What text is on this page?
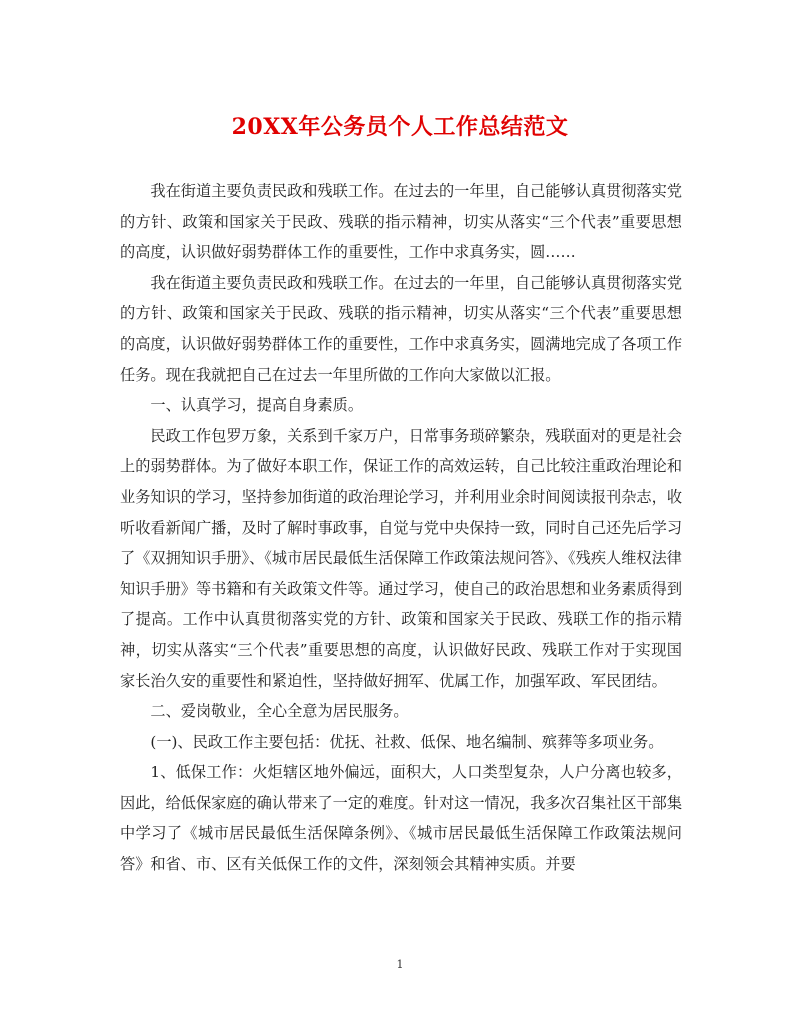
20XX年公务员个人工作总结范文

我在街道主要负责民政和残联工作。在过去的一年里，自己能够认真贯彻落实党的方针、政策和国家关于民政、残联的指示精神，切实从落实“三个代表”重要思想的高度，认识做好弱势群体工作的重要性，工作中求真务实，圆……

我在街道主要负责民政和残联工作。在过去的一年里，自己能够认真贯彻落实党的方针、政策和国家关于民政、残联的指示精神，切实从落实“三个代表”重要思想的高度，认识做好弱势群体工作的重要性，工作中求真务实，圆满地完成了各项工作任务。现在我就把自己在过去一年里所做的工作向大家做以汇报。

一、认真学习，提高自身素质。

民政工作包罗万象，关系到千家万户，日常事务琐碎繁杂，残联面对的更是社会上的弱势群体。为了做好本职工作，保证工作的高效运转，自己比较注重政治理论和业务知识的学习，坚持参加街道的政治理论学习，并利用业余时间阅读报刊杂志，收听收看新闻广播，及时了解时事政事，自觉与党中央保持一致，同时自己还先后学习了《双拥知识手册》、《城市居民最低生活保障工作政策法规问答》、《残疾人维权法律知识手册》等书籍和有关政策文件等。通过学习，使自己的政治思想和业务素质得到了提高。工作中认真贯彻落实党的方针、政策和国家关于民政、残联工作的指示精神，切实从落实“三个代表”重要思想的高度，认识做好民政、残联工作对于实现国家长治久安的重要性和紧迫性，坚持做好拥军、优属工作，加强军政、军民团结。

二、爱岗敬业，全心全意为居民服务。

(一)、民政工作主要包括：优抚、社救、低保、地名编制、殡葬等多项业务。

1、低保工作：火炬辖区地外偏远，面积大，人口类型复杂，人户分离也较多，因此，给低保家庭的确认带来了一定的难度。针对这一情况，我多次召集社区干部集中学习了《城市居民最低生活保障条例》、《城市居民最低生活保障工作政策法规问答》和省、市、区有关低保工作的文件，深刻领会其精神实质。并要

1
